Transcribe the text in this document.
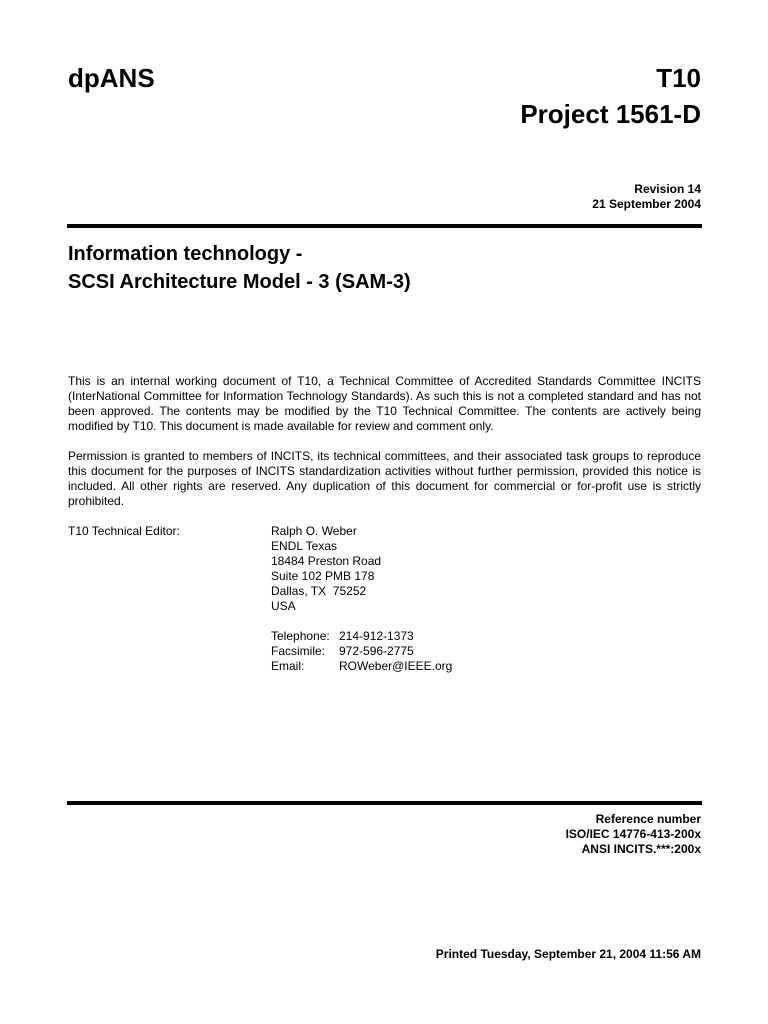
dpANS	T10
Project 1561-D
Revision 14
21 September 2004
Information technology -
SCSI Architecture Model - 3 (SAM-3)
This is an internal working document of T10, a Technical Committee of Accredited Standards Committee INCITS (InterNational Committee for Information Technology Standards). As such this is not a completed standard and has not been approved. The contents may be modified by the T10 Technical Committee. The contents are actively being modified by T10. This document is made available for review and comment only.
Permission is granted to members of INCITS, its technical committees, and their associated task groups to reproduce this document for the purposes of INCITS standardization activities without further permission, provided this notice is included. All other rights are reserved. Any duplication of this document for commercial or for-profit use is strictly prohibited.
T10 Technical Editor:	Ralph O. Weber
ENDL Texas
18484 Preston Road
Suite 102 PMB 178
Dallas, TX  75252
USA
Telephone: 214-912-1373
Facsimile: 972-596-2775
Email:	ROWeber@IEEE.org
Reference number
ISO/IEC 14776-413-200x
ANSI INCITS.***:200x
Printed Tuesday, September 21, 2004 11:56 AM
